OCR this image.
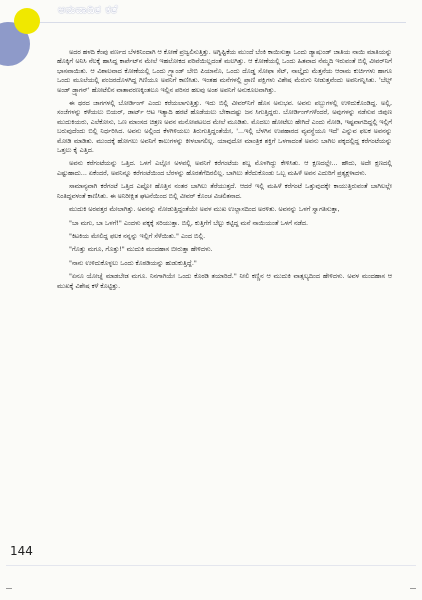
ಅನುವಾದಿತ ಕತೆ

ಅದರ ಹಳದಿ ಕೆಂಪು ವರ್ಣದ ಬೆಳಕಿನಿಂದಾಗಿ ಆ ಕೋಣೆ ಪ್ರಜ್ವಲಿಸುತ್ತಿತ್ತು. ಅಗ್ನಿಷ್ಟಿಕೆಯ ಮುಂದೆ ಬೆಂಕಿ ಕಾಯಿಸುತ್ತಾ ಒಂದು ಡ್ಯಾಷುಂಡ್ ಜಾತಿಯ ನಾಯಿ ಮಾತಿಯನ್ನು ಹೊಕ್ಕಿಗೆ ಅನಿಸಿ ನೆಲಕ್ಕೆ ಹಾಸಿದ್ದ ಕಾರ್ಪೆಟ್‌ನ ಮೇಲೆ ಇಹಲೋಕದ ಪರಿವೆಯಿಲ್ಲದಂತೆ ಮಲಗಿತ್ತು. ಆ ಕೋಣೆಯಲ್ಲಿ ಒಂದು ಹಿತವಾದ ನೆಮ್ಮದಿ ಇರುವಂತೆ ಬಿಲ್ಲಿ ವೀವರ್‌ನಿಗೆ ಭಾಸವಾಯಿತು. ಆ ವಿಶಾಲವಾದ ಕೋಣೆಯಲ್ಲಿ ಒಂದು ಗ್ರ್ಯಾಂಡ್ ಬೇಬಿ ಪಿಯಾನೊ, ಒಂದು ದೊಡ್ಡ ಸೋಫಾ ಸೆಟ್, ನಾಲ್ಕೈದು ಮೆತ್ತನೆಯ ಆರಾಮ ಕುರ್ಚಿಗಳು ಹಾಗೂ ಒಂದು ಮೂಲೆಯಲ್ಲಿ ಪಂಜರದೊಳಗಿದ್ದ ಗಿಣಿಯೂ ಅವನಿಗೆ ಕಾಣಿಸಿತು. ಇಂತಹ ಮನೆಗಳಲ್ಲಿ ಪ್ರಾಣಿ ಪಕ್ಷಿಗಳು ವಿಶೇಷ ಮೆರುಗು ನೀಡುತ್ತವೆಂದು ಅವನಿಗನ್ನಿಸಿತು. 'ಬೆಲ್ಸ್ ಅಂಡ್ ಡ್ರ್ಯಾಗನ್' ಹೋಟೆಲಿನ ವಾತಾವರಣಕ್ಕಿಂತಲೂ ಇಲ್ಲಿನ ಪರಿಸರ ಹಲವು ಅಂಶ ಅವನಿಗೆ ಅನುಕೂಲವಾಗಿತ್ತು.

ಈ ಥರದ ಜಾಗಗಳಲ್ಲಿ ಬೋರ್ಡಿಂಗ್ ಎಂದು ಕರೆಯಲಾಗುತ್ತಿತ್ತು. ಇದು ಬಿಲ್ಲಿ ವೀವರ್‌ನಿಗೆ ಹೊಸ ಅನುಭವ. ಅವನು ಪಬ್ಬುಗಳಲ್ಲಿ ಉಳಿದುಕೊಂಡಿದ್ದ. ಅಲ್ಲಿ, ಸಂಜೆಗಳನ್ನು ಕಳೆಯಲು ಬಿಯರ್, ಡಾರ್ಟ್ ಆಟ ಇತ್ಯಾದಿ ಹರಟೆ ಹೊಡೆಯಲು ಬೇಕಾದಷ್ಟು ಜನ ಸಿಗುತ್ತಿದ್ದರು. ಬೋರ್ಡಿಂಗ್‌ಗಳೆಂದರೆ, ಅವುಗಳನ್ನು ನಡೆಸುವ ಜಿಪುಣ ಮುದುಕಿಯರು, ಎಲೆಕೋಸು, ಒಣ ಮಾಂಸದ ಚಿತ್ರಣ ಅವನ ಮನೋಪಟಲದ ಮೇಲೆ ಮೂಡಿತು. ಮೊದಲು ಹೋಟೆಲು ಹೇಗಿದೆ ಎಂದು ನೋಡಿ, ಇಷ್ಟವಾಗದಿದ್ದಲ್ಲಿ ಇಲ್ಲಿಗೆ ಬರುವುದೆಂದು ಬಿಲ್ಲಿ ನಿರ್ಧರಿಸಿದ. ಅವನು ಅಲ್ಲಿಂದ ಕೆಳಗಿಳಿಯಲು ತಿರುಗುತ್ತಿದ್ದಂತೆಯೇ, '...ಇಲ್ಲಿ ಬೆಳಗಿನ ಉಪಹಾರದ ವ್ಯವಸ್ಥೆಯೂ ಇದೆ' ಎನ್ನುವ ಫಲಕ ಅವನನ್ನು ಮೋಡಿ ಮಾಡಿತು. ಮುಂದಕ್ಕೆ ಹೋಗಲು ಅವನಿಗೆ ಕಾಲುಗಳನ್ನು ಕೀಳಲಾಗಲಿಲ್ಲ. ಯಾವುದೋ ಮಾಂತ್ರಿಕ ಶಕ್ತಿಗೆ ಒಳಗಾದಂತೆ ಅವನು ಬಾಗಿಲ ಪಕ್ಕದಲ್ಲಿದ್ದ ಕರೆಗಂಟೆಯನ್ನು ಒತ್ತಲು ಕೈ ಎತ್ತಿದ.

ಅವನು ಕರೆಗಂಟೆಯನ್ನು ಒತ್ತಿದ. ಒಳಗೆ ಎಲ್ಲೋ ಅಳವಲ್ಲಿ ಅವನಿಗೆ ಕರೆಗಂಟೆಯ ಶಬ್ದ ಮೊಳಗಿದ್ದು ಕೇಳಿಸಿತು. ಆ ಕ್ಷಣದಲ್ಲೇ... ಹೌದು, ಅದೇ ಕ್ಷಣದಲ್ಲಿ ಎಷ್ಟುಹಾದು... ಏಕೆಂದರೆ, ಅವನಿನ್ನೂ ಕರೆಗಂಟೆಯಿಂದ ಬೆರಳನ್ನು ಹೊರತೆಗೆದಿರಲಿಲ್ಲ. ಬಾಗಿಲು ತೆರೆದುಕೊಂಡು ಒಬ್ಬ ಮಹಿಳೆ ಅವನ ಎದುರಿಗೆ ಪ್ರತ್ಯಕ್ಷಳಾದಳು.

ಸಾಮಾನ್ಯವಾಗಿ ಕರೆಗಂಟೆ ಒತ್ತಿದ ಎಷ್ಟೋ ಹೊತ್ತಿನ ನಂತರ ಬಾಗಿಲು ತೆರೆಯುತ್ತದೆ. ಆದರೆ ಇಲ್ಲಿ ಮಹಿಳೆ ಕರೆಗಂಟೆ ಒತ್ತುವುದಕ್ಕೇ ಕಾಯುತ್ತಿರುವಂತೆ ಬಾಗಿಲಲ್ಲೇ ನಿಂತಿದ್ದವಳಂತೆ ಕಾಣಿಸಿತು. ಈ ಅನಿರೀಕ್ಷಿತ ಘಟನೆಯಿಂದ ಬಿಲ್ಲಿ ವೀವರ್ ಕೊಂಚ ವಿಚಲಿತನಾದ.

ಮುದುಕಿ ಅರವತ್ತರ ಮೇಲಾಗಿತ್ತು. ಅವನನ್ನು ನೋಡುತ್ತಿದ್ದಂತೆಯೇ ಅವಳ ಮುಖ ಉಲ್ಲಾಸದಿಂದ ಅರಳಿತು. ಅವನನ್ನು ಒಳಗೆ ಸ್ವಾಗತಿಸುತ್ತಾ,

"ಬಾ ಮಗು, ಬಾ ಒಳಗೆ!" ಎಂದಳು ಪಕ್ಕಕ್ಕೆ ಸರಿಯುತ್ತಾ. ಬಿಲ್ಲಿ, ಕುತ್ತಿಗೆಗೆ ಬೆಲ್ಟು ಕಟ್ಟಿದ್ದ ಮನೆ ನಾಯಿಯಂತೆ ಒಳಗೆ ನಡೆದ.

"ಕಿಟಕಿಯ ಮೇಲಿದ್ದ ಫಲಕ ನನ್ನನ್ನು ಇಲ್ಲಿಗೆ ಸೆಳೆಯಿತು." ಎಂದ ಬಿಲ್ಲಿ.

"ಗೊತ್ತು ಮಗೂ, ಗೊತ್ತು!" ಮುದುಕಿ ಮಂದಹಾಸ ಬೀರುತ್ತಾ ಹೇಳಿದಳು.

"ನಾನು ಉಳಿದುಕೊಳ್ಳಲು ಒಂದು ಕೊಠಡಿಯನ್ನು ಹುಡುಕುತ್ತಿದ್ದೆ."

"ಏನೂ ಯೋಚ್ನೆ ಮಾಡಬೇಡ ಮಗೂ. ನಿನಗಾಗಿಯೇ ಒಂದು ಕೊಠಡಿ ತಯಾರಿದೆ." ನೀಲಿ ಕಣ್ಣಿನ ಆ ಮುದುಕಿ ವಾತ್ಸಲ್ಯದಿಂದ ಹೇಳಿದಳು. ಅವಳ ಮಂದಹಾಸ ಆ ಮುಖಕ್ಕೆ ವಿಶೇಷ ಕಳೆ ಕೊಟ್ಟಿತ್ತು.

144
